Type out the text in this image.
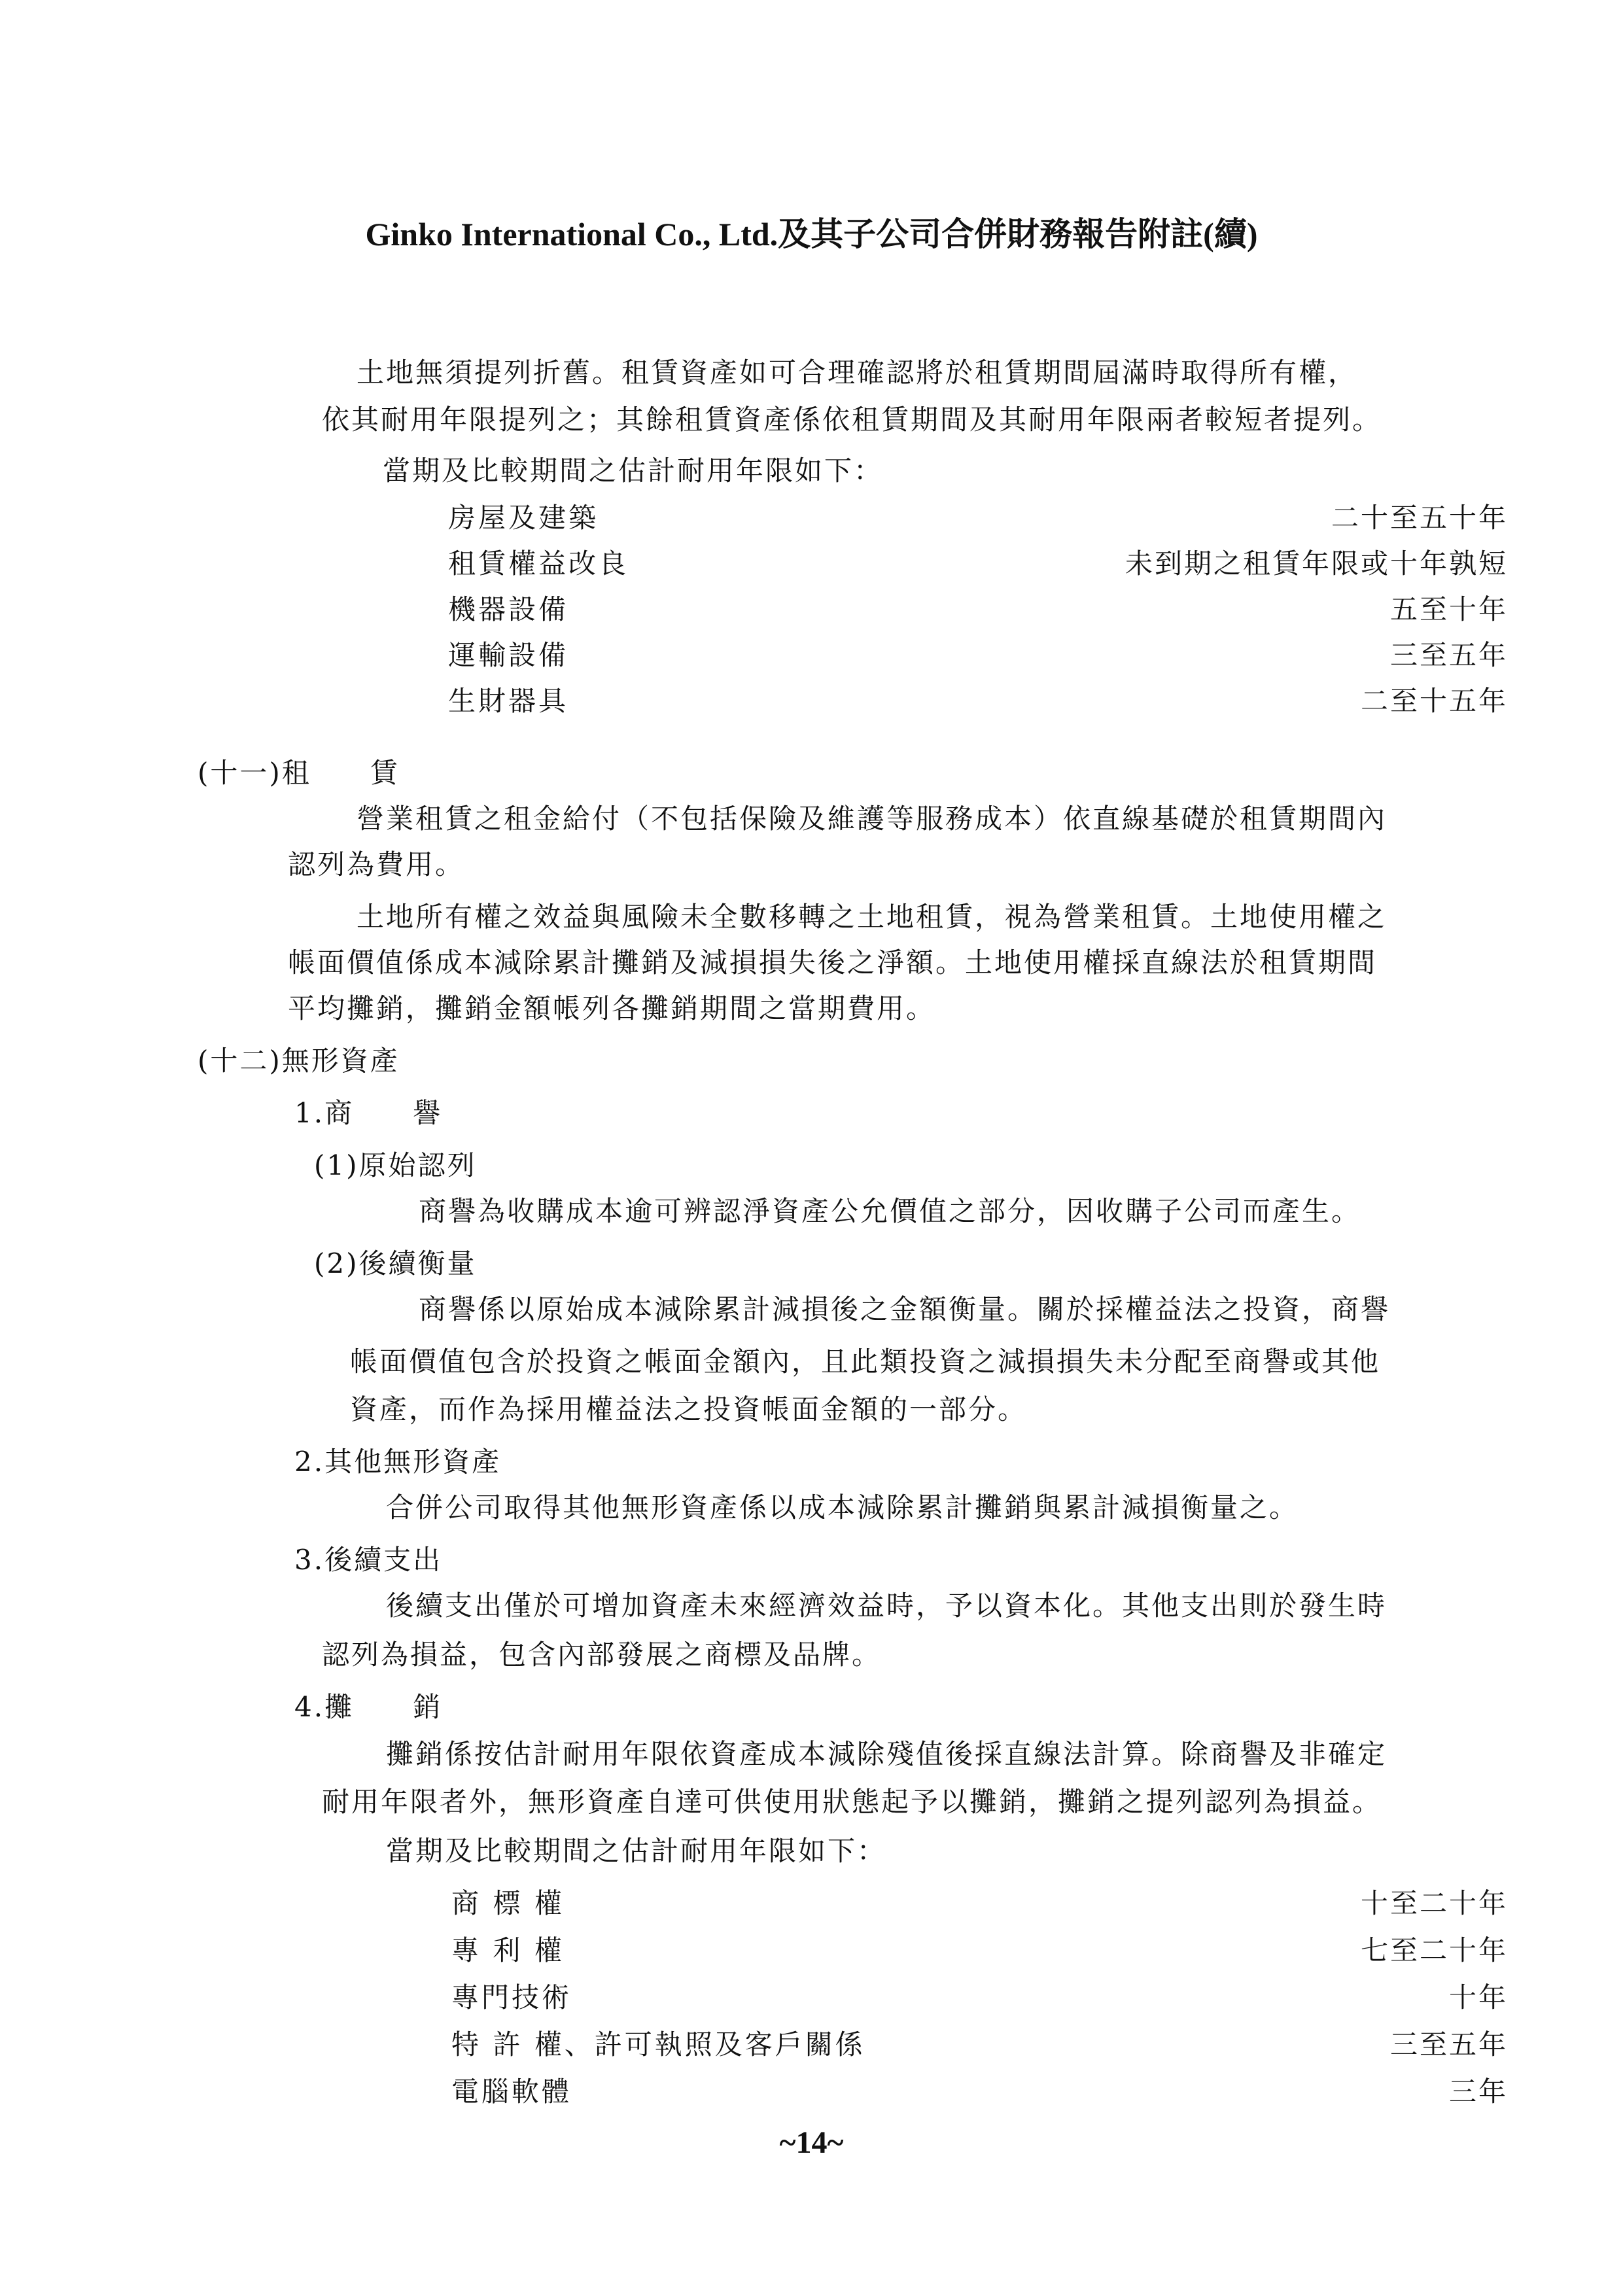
Ginko International Co., Ltd.及其子公司合併財務報告附註(續)
土地無須提列折舊。租賃資產如可合理確認將於租賃期間屆滿時取得所有權，
依其耐用年限提列之；其餘租賃資產係依租賃期間及其耐用年限兩者較短者提列。
當期及比較期間之估計耐用年限如下：
房屋及建築	二十至五十年
租賃權益改良	未到期之租賃年限或十年孰短
機器設備	五至十年
運輸設備	三至五年
生財器具	二至十五年
(十一)租　　賃
營業租賃之租金給付（不包括保險及維護等服務成本）依直線基礎於租賃期間內
認列為費用。
土地所有權之效益與風險未全數移轉之土地租賃，視為營業租賃。土地使用權之
帳面價值係成本減除累計攤銷及減損損失後之淨額。土地使用權採直線法於租賃期間
平均攤銷，攤銷金額帳列各攤銷期間之當期費用。
(十二)無形資產
1.商　　譽
(1)原始認列
商譽為收購成本逾可辨認淨資產公允價值之部分，因收購子公司而產生。
(2)後續衡量
商譽係以原始成本減除累計減損後之金額衡量。關於採權益法之投資，商譽
帳面價值包含於投資之帳面金額內，且此類投資之減損損失未分配至商譽或其他
資產，而作為採用權益法之投資帳面金額的一部分。
2.其他無形資產
合併公司取得其他無形資產係以成本減除累計攤銷與累計減損衡量之。
3.後續支出
後續支出僅於可增加資產未來經濟效益時，予以資本化。其他支出則於發生時
認列為損益，包含內部發展之商標及品牌。
4.攤　　銷
攤銷係按估計耐用年限依資產成本減除殘值後採直線法計算。除商譽及非確定
耐用年限者外，無形資產自達可供使用狀態起予以攤銷，攤銷之提列認列為損益。
當期及比較期間之估計耐用年限如下：
商 標 權	十至二十年
專 利 權	七至二十年
專門技術	十年
特 許 權、許可執照及客戶關係	三至五年
電腦軟體	三年
~14~
